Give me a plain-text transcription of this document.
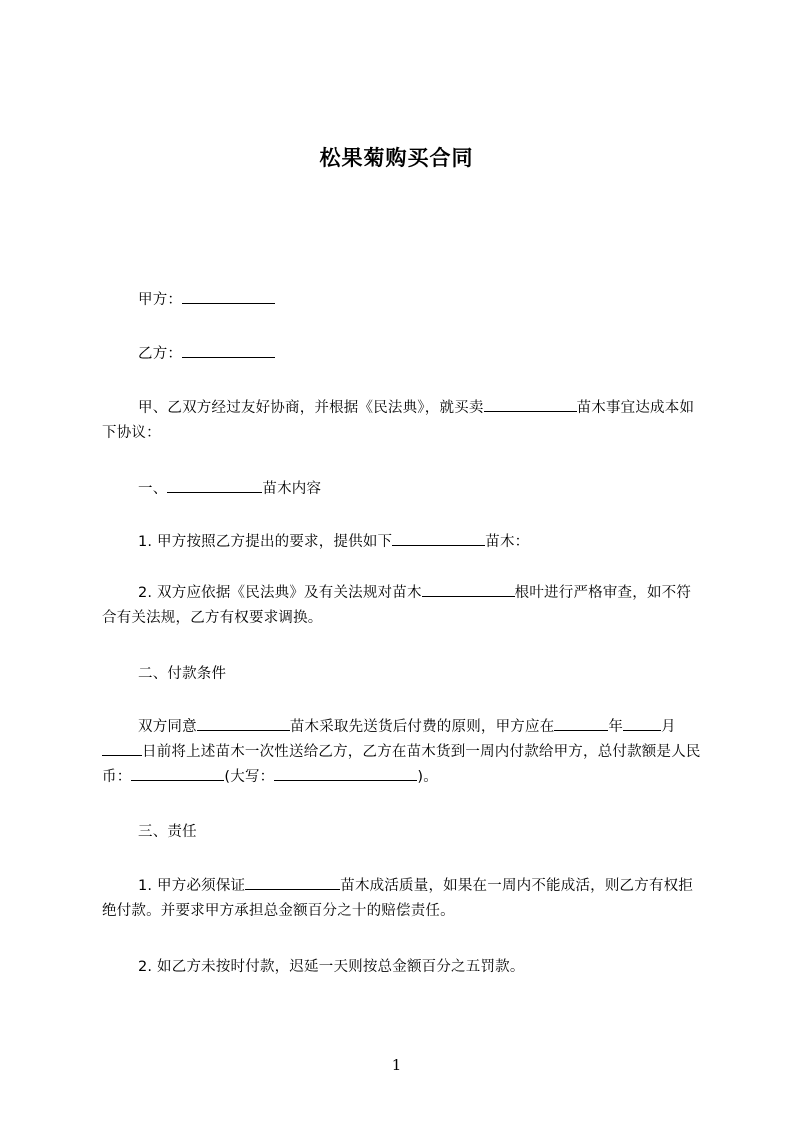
松果菊购买合同

甲方：

乙方：

甲、乙双方经过友好协商，并根据《民法典》，就买卖	苗木事宜达成本如下协议：

一、	苗木内容

1. 甲方按照乙方提出的要求，提供如下	苗木：

2. 双方应依据《民法典》及有关法规对苗木	根叶进行严格审查，如不符合有关法规，乙方有权要求调换。

二、付款条件

双方同意	苗木采取先送货后付费的原则，甲方应在	年	月日前将上述苗木一次性送给乙方，乙方在苗木货到一周内付款给甲方，总付款额是人民币：	(大写：	)。

三、责任

1. 甲方必须保证	苗木成活质量，如果在一周内不能成活，则乙方有权拒绝付款。并要求甲方承担总金额百分之十的赔偿责任。

2. 如乙方未按时付款，迟延一天则按总金额百分之五罚款。

1
